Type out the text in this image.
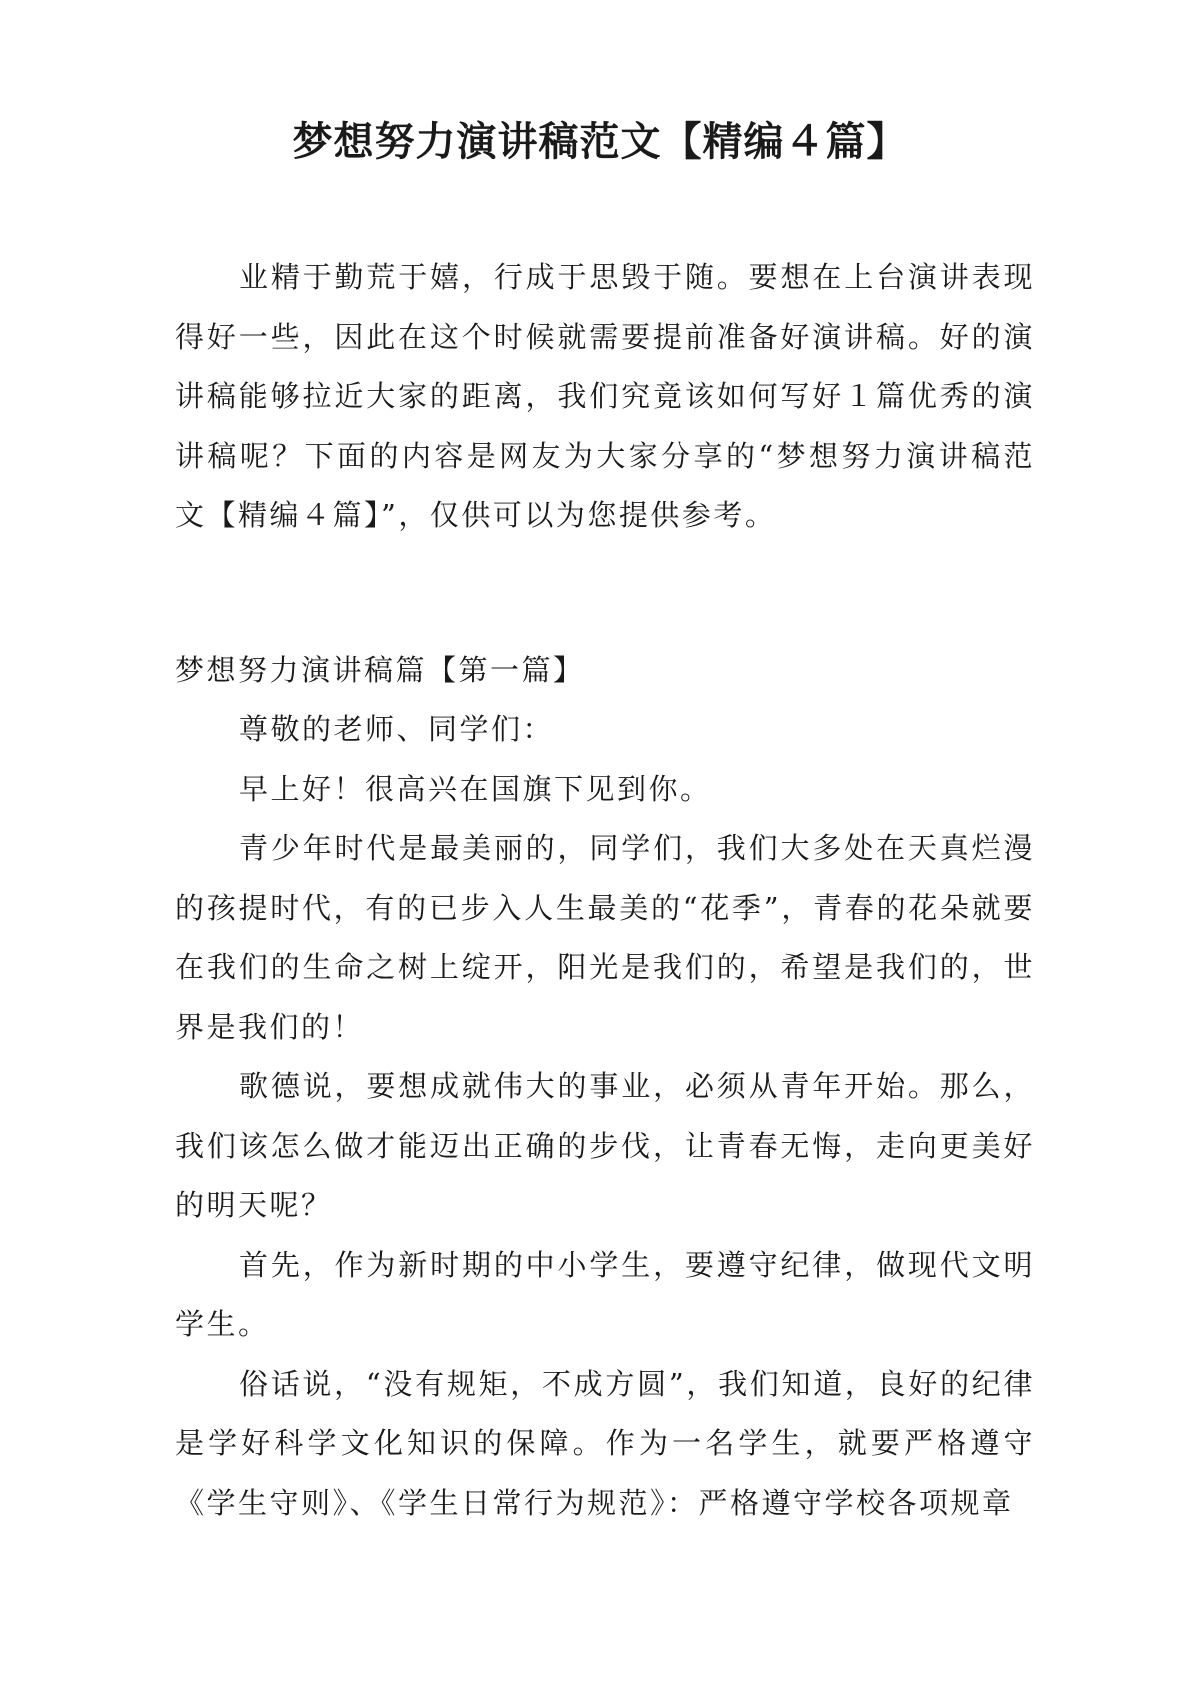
梦想努力演讲稿范文【精编４篇】

业精于勤荒于嬉，行成于思毁于随。要想在上台演讲表现得好一些，因此在这个时候就需要提前准备好演讲稿。好的演讲稿能够拉近大家的距离，我们究竟该如何写好１篇优秀的演讲稿呢？下面的内容是网友为大家分享的“梦想努力演讲稿范文【精编４篇】”，仅供可以为您提供参考。

梦想努力演讲稿篇【第一篇】

尊敬的老师、同学们：

早上好！很高兴在国旗下见到你。

青少年时代是最美丽的，同学们，我们大多处在天真烂漫的孩提时代，有的已步入人生最美的“花季”，青春的花朵就要在我们的生命之树上绽开，阳光是我们的，希望是我们的，世界是我们的！

歌德说，要想成就伟大的事业，必须从青年开始。那么，我们该怎么做才能迈出正确的步伐，让青春无悔，走向更美好的明天呢？

首先，作为新时期的中小学生，要遵守纪律，做现代文明学生。

俗话说，“没有规矩，不成方圆”，我们知道，良好的纪律是学好科学文化知识的保障。作为一名学生，就要严格遵守《学生守则》、《学生日常行为规范》：严格遵守学校各项规章
